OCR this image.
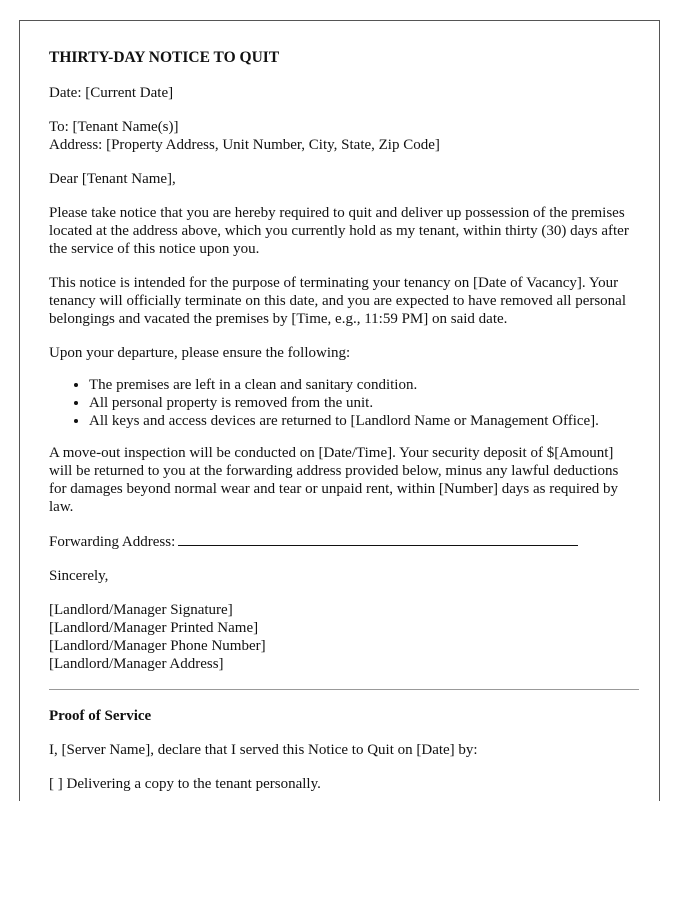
THIRTY-DAY NOTICE TO QUIT

Date: [Current Date]

To: [Tenant Name(s)]
Address: [Property Address, Unit Number, City, State, Zip Code]

Dear [Tenant Name],

Please take notice that you are hereby required to quit and deliver up possession of the premises located at the address above, which you currently hold as my tenant, within thirty (30) days after the service of this notice upon you.

This notice is intended for the purpose of terminating your tenancy on [Date of Vacancy]. Your tenancy will officially terminate on this date, and you are expected to have removed all personal belongings and vacated the premises by [Time, e.g., 11:59 PM] on said date.

Upon your departure, please ensure the following:

• The premises are left in a clean and sanitary condition.
• All personal property is removed from the unit.
• All keys and access devices are returned to [Landlord Name or Management Office].

A move-out inspection will be conducted on [Date/Time]. Your security deposit of $[Amount] will be returned to you at the forwarding address provided below, minus any lawful deductions for damages beyond normal wear and tear or unpaid rent, within [Number] days as required by law.

Forwarding Address:

Sincerely,

[Landlord/Manager Signature]
[Landlord/Manager Printed Name]
[Landlord/Manager Phone Number]
[Landlord/Manager Address]
Proof of Service

I, [Server Name], declare that I served this Notice to Quit on [Date] by:

[ ] Delivering a copy to the tenant personally.
